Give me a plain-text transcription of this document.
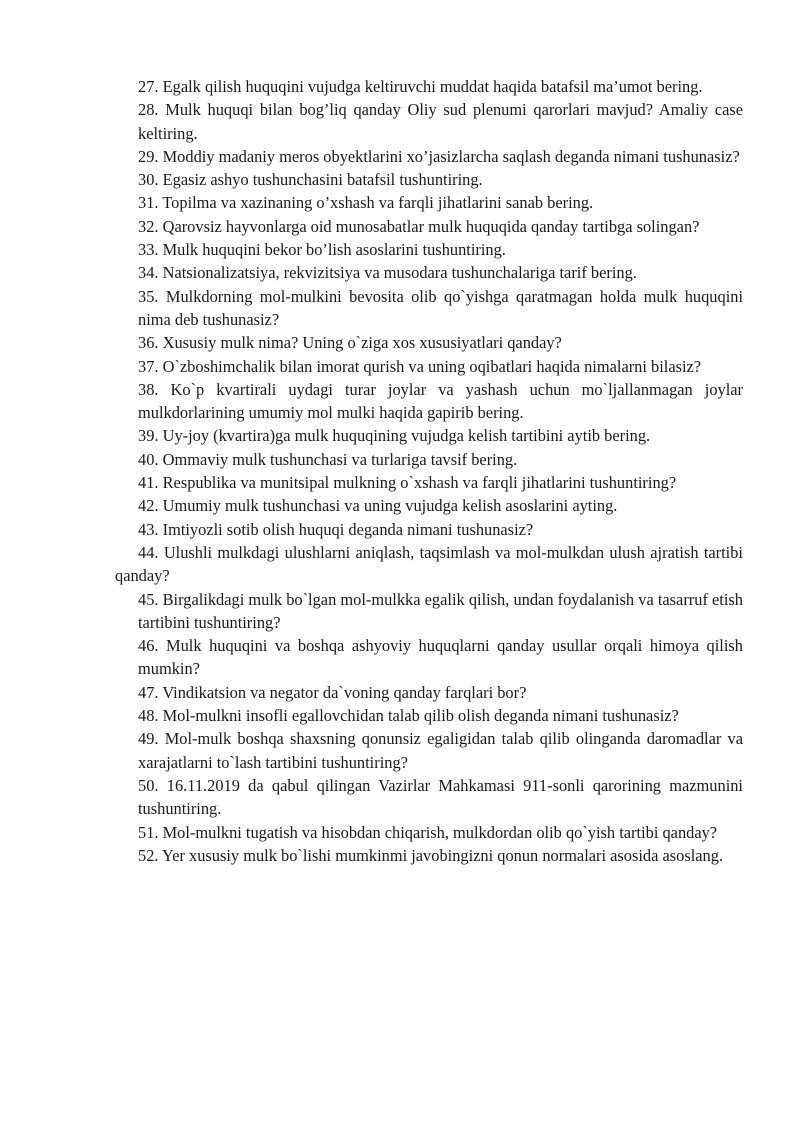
27. Egalk qilish huquqini vujudga keltiruvchi muddat haqida batafsil ma’umot bering.
28. Mulk huquqi bilan bog’liq qanday Oliy sud plenumi qarorlari mavjud? Amaliy case keltiring.
29. Moddiy madaniy meros obyektlarini xo’jasizlarcha saqlash deganda nimani tushunasiz?
30. Egasiz ashyo tushunchasini batafsil tushuntiring.
31. Topilma va xazinaning o’xshash va farqli jihatlarini sanab bering.
32. Qarovsiz hayvonlarga oid munosabatlar mulk huquqida qanday tartibga solingan?
33. Mulk huquqini bekor bo’lish asoslarini tushuntiring.
34. Natsionalizatsiya, rekvizitsiya va musodara tushunchalariga tarif bering.
35. Mulkdorning mol-mulkini bevosita olib qo`yishga qaratmagan holda mulk huquqini nima deb tushunasiz?
36. Xususiy mulk nima? Uning o`ziga xos xususiyatlari qanday?
37. O`zboshimchalik bilan imorat qurish va uning oqibatlari haqida nimalarni bilasiz?
38. Ko`p kvartirali uydagi turar joylar va yashash uchun mo`ljallanmagan joylar mulkdorlarining umumiy mol mulki haqida gapirib bering.
39. Uy-joy (kvartira)ga mulk huquqining vujudga kelish tartibini aytib bering.
40. Ommaviy mulk tushunchasi va turlariga tavsif bering.
41. Respublika va munitsipal mulkning o`xshash va farqli jihatlarini tushuntiring?
42. Umumiy mulk tushunchasi va uning vujudga kelish asoslarini ayting.
43. Imtiyozli sotib olish huquqi deganda nimani tushunasiz?
44. Ulushli mulkdagi ulushlarni aniqlash, taqsimlash va mol-mulkdan ulush ajratish tartibi qanday?
45. Birgalikdagi mulk bo`lgan mol-mulkka egalik qilish, undan foydalanish va tasarruf etish tartibini tushuntiring?
46. Mulk huquqini va boshqa ashyoviy huquqlarni qanday usullar orqali himoya qilish mumkin?
47. Vindikatsion va negator da`voning qanday farqlari bor?
48. Mol-mulkni insofli egallovchidan talab qilib olish deganda nimani tushunasiz?
49. Mol-mulk boshqa shaxsning qonunsiz egaligidan talab qilib olinganda daromadlar va xarajatlarni to`lash tartibini tushuntiring?
50. 16.11.2019 da qabul qilingan Vazirlar Mahkamasi 911-sonli qarorining mazmunini tushuntiring.
51. Mol-mulkni tugatish va hisobdan chiqarish, mulkdordan olib qo`yish tartibi qanday?
52. Yer xususiy mulk bo`lishi mumkinmi javobingizni qonun normalari asosida asoslang.
